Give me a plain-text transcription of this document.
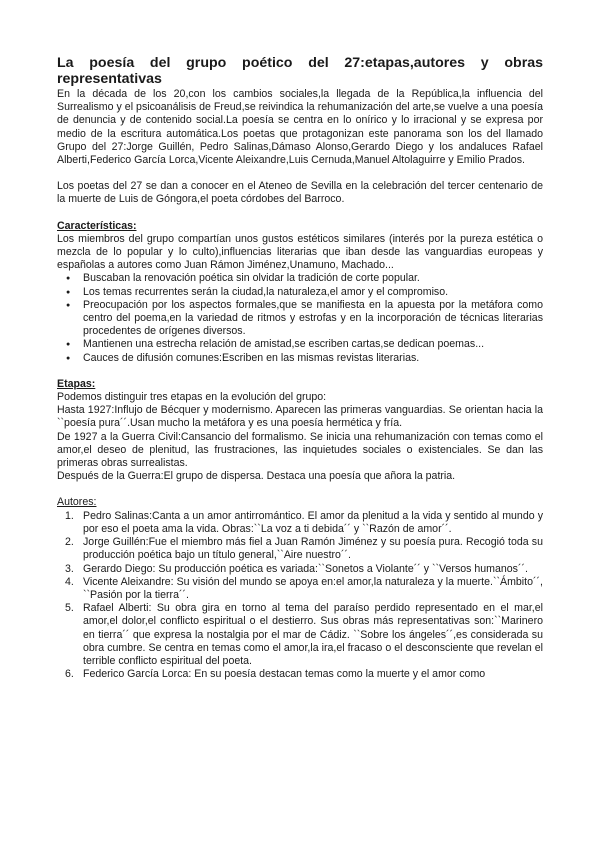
La poesía del grupo poético del 27:etapas,autores y obras representativas

En la década de los 20,con los cambios sociales,la llegada de la República,la influencia del Surrealismo y el psicoanálisis de Freud,se reivindica la rehumanización del arte,se vuelve a una poesía de denuncia y de contenido social.La poesía se centra en lo onírico y lo irracional y se expresa por medio de la escritura automática.Los poetas que protagonizan este panorama son los del llamado Grupo del 27:Jorge Guillén, Pedro Salinas,Dámaso Alonso,Gerardo Diego y los andaluces Rafael Alberti,Federico García Lorca,Vicente Aleixandre,Luis Cernuda,Manuel Altolaguirre y Emilio Prados.

Los poetas del 27 se dan a conocer en el Ateneo de Sevilla en la celebración del tercer centenario de la muerte de Luis de Góngora,el poeta córdobes del Barroco.

Características:

Los miembros del grupo compartían unos gustos estéticos similares (interés por la pureza estética o mezcla de lo popular y lo culto),influencias literarias que iban desde las vanguardias europeas y españolas a autores como Juan Rámon Jiménez,Unamuno, Machado...

● Buscaban la renovación poética sin olvidar la tradición de corte popular.
● Los temas recurrentes serán la ciudad,la naturaleza,el amor y el compromiso.
● Preocupación por los aspectos formales,que se manifiesta en la apuesta por la metáfora como centro del poema,en la variedad de ritmos y estrofas y en la incorporación de técnicas literarias procedentes de orígenes diversos.
● Mantienen una estrecha relación de amistad,se escriben cartas,se dedican poemas...
● Cauces de difusión comunes:Escriben en las mismas revistas literarias.

Etapas:

Podemos distinguir tres etapas en la evolución del grupo:

Hasta 1927:Influjo de Bécquer y modernismo. Aparecen las primeras vanguardias. Se orientan hacia la ``poesía pura´´.Usan mucho la metáfora y es una poesía hermética y fría.

De 1927 a la Guerra Civil:Cansancio del formalismo. Se inicia una rehumanización con temas como el amor,el deseo de plenitud, las frustraciones, las inquietudes sociales o existenciales. Se dan las primeras obras surrealistas.

Después de la Guerra:El grupo de dispersa. Destaca una poesía que añora la patria.

Autores:

1. Pedro Salinas:Canta a un amor antirromántico. El amor da plenitud a la vida y sentido al mundo y por eso el poeta ama la vida. Obras:``La voz a ti debida´´ y ``Razón de amor´´.
2. Jorge Guillén:Fue el miembro más fiel a Juan Ramón Jiménez y su poesía pura. Recogió toda su producción poética bajo un título general,``Aire nuestro´´.
3. Gerardo Diego: Su producción poética es variada:``Sonetos a Violante´´ y ``Versos humanos´´.
4. Vicente Aleixandre: Su visión del mundo se apoya en:el amor,la naturaleza y la muerte.``Ámbito´´, ``Pasión por la tierra´´.
5. Rafael Alberti: Su obra gira en torno al tema del paraíso perdido representado en el mar,el amor,el dolor,el conflicto espiritual o el destierro. Sus obras más representativas son:``Marinero en tierra´´ que expresa la nostalgia por el mar de Cádiz. ``Sobre los ángeles´´,es considerada su obra cumbre. Se centra en temas como el amor,la ira,el fracaso o el desconsciente que revelan el terrible conflicto espiritual del poeta.
6. Federico García Lorca: En su poesía destacan temas como la muerte y el amor como
